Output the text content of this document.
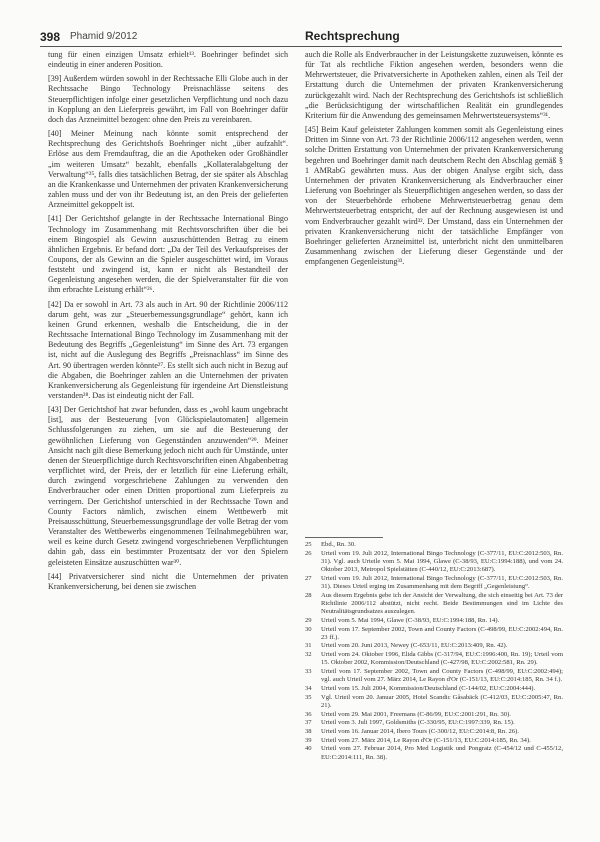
398 Phamid 9/2012	Rechtsprechung

tung für einen einzigen Umsatz erhielt¹³. Boehringer befindet sich eindeutig in einer anderen Position.

[39] Außerdem würden sowohl in der Rechtssache Elli Globe auch in der Rechtssache Bingo Technology Preisnachlässe seitens des Steuerpflichtigen infolge einer gesetzlichen Verpflichtung und noch dazu in Kopplung an den Lieferpreis gewährt, im Fall von Boehringer dafür doch das Arzneimittel bezogen: ohne den Preis zu vereinbaren.

[40] Meiner Meinung nach könnte somit entsprechend der Rechtsprechung des Gerichtshofs Boehringer nicht „über aufzahlt“. Erlöse aus dem Fremdauftrag, die an die Apotheken oder Großhändler „im weiteren Umsatz“ bezahlt, ebenfalls „Kollateralabgeltung der Verwaltung“²⁵, falls dies tatsächlichen Betrag, der sie später als Abschlag an die Krankenkasse und Unternehmen der privaten Krankenversicherung zahlen muss und der von ihr Bedeutung ist, an den Preis der gelieferten Arzneimittel gekoppelt ist.

[41] Der Gerichtshof gelangte in der Rechtssache International Bingo Technology im Zusammenhang mit Rechtsvorschriften über die bei einem Bingospiel als Gewinn auszuschüttenden Betrag zu einem ähnlichen Ergebnis. Er befand dort: „Da der Teil des Verkaufspreises der Coupons, der als Gewinn an die Spieler ausgeschüttet wird, im Voraus feststeht und zwingend ist, kann er nicht als Bestandteil der Gegenleistung angesehen werden, die der Spielveranstalter für die von ihm erbrachte Leistung erhält“²⁶.

[42] Da er sowohl in Art. 73 als auch in Art. 90 der Richtlinie 2006/112 darum geht, was zur „Steuerbemessungsgrundlage“ gehört, kann ich keinen Grund erkennen, weshalb die Entscheidung, die in der Rechtssache International Bingo Technology im Zusammenhang mit der Bedeutung des Begriffs „Gegenleistung“ im Sinne des Art. 73 ergangen ist, nicht auf die Auslegung des Begriffs „Preisnachlass“ im Sinne des Art. 90 übertragen werden könnte²⁷. Es stellt sich auch nicht in Bezug auf die Abgaben, die Boehringer zahlen an die Unternehmen der privaten Krankenversicherung als Gegenleistung für irgendeine Art Dienstleistung verstanden²⁸. Das ist eindeutig nicht der Fall.

[43] Der Gerichtshof hat zwar befunden, dass es „wohl kaum ungebracht [ist], aus der Besteuerung [von Glückspielautomaten] allgemein Schlussfolgerungen zu ziehen, um sie auf die Besteuerung der gewöhnlichen Lieferung von Gegenständen anzuwenden“²⁹. Meiner Ansicht nach gilt diese Bemerkung jedoch nicht auch für Umstände, unter denen der Steuerpflichtige durch Rechtsvorschriften einen Abgabenbetrag verpflichtet wird, der Preis, der er letztlich für eine Lieferung erhält, durch zwingend vorgeschriebene Zahlungen zu verwenden den Endverbraucher oder einen Dritten proportional zum Lieferpreis zu verringern. Der Gerichtshof unterschied in der Rechtssache Town and County Factors nämlich, zwischen einem Wettbewerb mit Preisausschüttung, Steuerbemessungsgrundlage der volle Betrag der vom Veranstalter des Wettbewerbs eingenommenen Teilnahmegebühren war, weil es keine durch Gesetz zwingend vorgeschriebenen Verpflichtungen dahin gab, dass ein bestimmter Prozentsatz der vor den Spielern geleisteten Einsätze auszuschütten war³⁰.

[44] Privatversicherer sind nicht die Unternehmen der privaten Krankenversicherung, bei denen sie zwischen

auch die Rolle als Endverbraucher in der Leistungskette zuzuweisen, könnte es für Tat als rechtliche Fiktion angesehen werden, besonders wenn die Mehrwertsteuer, die Privatversicherte in Apotheken zahlen, einen als Teil der Erstattung durch die Unternehmen der privaten Krankenversicherung zurückgezahlt wird. Nach der Rechtsprechung des Gerichtshofs ist schließlich „die Berücksichtigung der wirtschaftlichen Realität ein grundlegendes Kriterium für die Anwendung des gemeinsamen Mehrwertsteuersystems“³¹.

[45] Beim Kauf geleisteter Zahlungen kommen somit als Gegenleistung eines Dritten im Sinne von Art. 73 der Richtlinie 2006/112 angesehen werden, wenn solche Dritten Erstattung von Unternehmen der privaten Krankenversicherung begehren und Boehringer damit nach deutschem Recht den Abschlag gemäß § 1 AMRabG gewährten muss. Aus der obigen Analyse ergibt sich, dass Unternehmen der privaten Krankenversicherung als Endverbraucher einer Lieferung von Boehringer als Steuerpflichtigen angesehen werden, so dass der von der Steuerbehörde erhobene Mehrwertsteuerbetrag genau dem Mehrwertsteuerbetrag entspricht, der auf der Rechnung ausgewiesen ist und vom Endverbraucher gezahlt wird³². Der Umstand, dass ein Unternehmen der privaten Krankenversicherung nicht der tatsächliche Empfänger von Boehringer gelieferten Arzneimittel ist, unterbricht nicht den unmittelbaren Zusammenhang zwischen der Lieferung dieser Gegenstände und der empfangenen Gegenleistung³³.

25	Ebd., Rn. 30.
26	Urteil vom 19. Juli 2012, International Bingo Technology (C-377/11, EU:C:2012:503, Rn. 31). Vgl. auch Urteile vom 5. Mai 1994, Glawe (C-38/93, EU:C:1994:188), und vom 24. Oktober 2013, Metropol Spielstätten (C-440/12, EU:C:2013:687).
27	Urteil vom 19. Juli 2012, International Bingo Technology (C-377/11, EU:C:2012:503, Rn. 31). Dieses Urteil erging im Zusammenhang mit dem Begriff „Gegenleistung“.
28	Aus diesem Ergebnis gebe ich der Ansicht der Verwaltung, die sich einseitig bei Art. 73 der Richtlinie 2006/112 abstützt, nicht recht. Beide Bestimmungen sind im Lichte des Neutralitätsgrundsatzes auszulegen.
29	Urteil vom 5. Mai 1994, Glawe (C-38/93, EU:C:1994:188, Rn. 14).
30	Urteil vom 17. September 2002, Town and County Factors (C-498/99, EU:C:2002:494, Rn. 23 ff.).
31	Urteil vom 20. Juni 2013, Newey (C-653/11, EU:C:2013:409, Rn. 42).
32	Urteil vom 24. Oktober 1996, Elida Gibbs (C-317/94, EU:C:1996:400, Rn. 19); Urteil vom 15. Oktober 2002, Kommission/Deutschland (C-427/98, EU:C:2002:581, Rn. 29).
33	Urteil vom 17. September 2002, Town and County Factors (C-498/99, EU:C:2002:494); vgl. auch Urteil vom 27. März 2014, Le Rayon d'Or (C-151/13, EU:C:2014:185, Rn. 34 f.).
34	Urteil vom 15. Juli 2004, Kommission/Deutschland (C-144/02, EU:C:2004:444).
35	Vgl. Urteil vom 20. Januar 2005, Hotel Scandic Gåsabäck (C-412/03, EU:C:2005:47, Rn. 21).
36	Urteil vom 29. Mai 2001, Freemans (C-86/99, EU:C:2001:291, Rn. 30).
37	Urteil vom 3. Juli 1997, Goldsmiths (C-330/95, EU:C:1997:339, Rn. 15).
38	Urteil vom 16. Januar 2014, Ibero Tours (C-300/12, EU:C:2014:8, Rn. 26).
39	Urteil vom 27. März 2014, Le Rayon d'Or (C-151/13, EU:C:2014:185, Rn. 34).
40	Urteil vom 27. Februar 2014, Pro Med Logistik und Pongratz (C-454/12 und C-455/12, EU:C:2014:111, Rn. 38).
